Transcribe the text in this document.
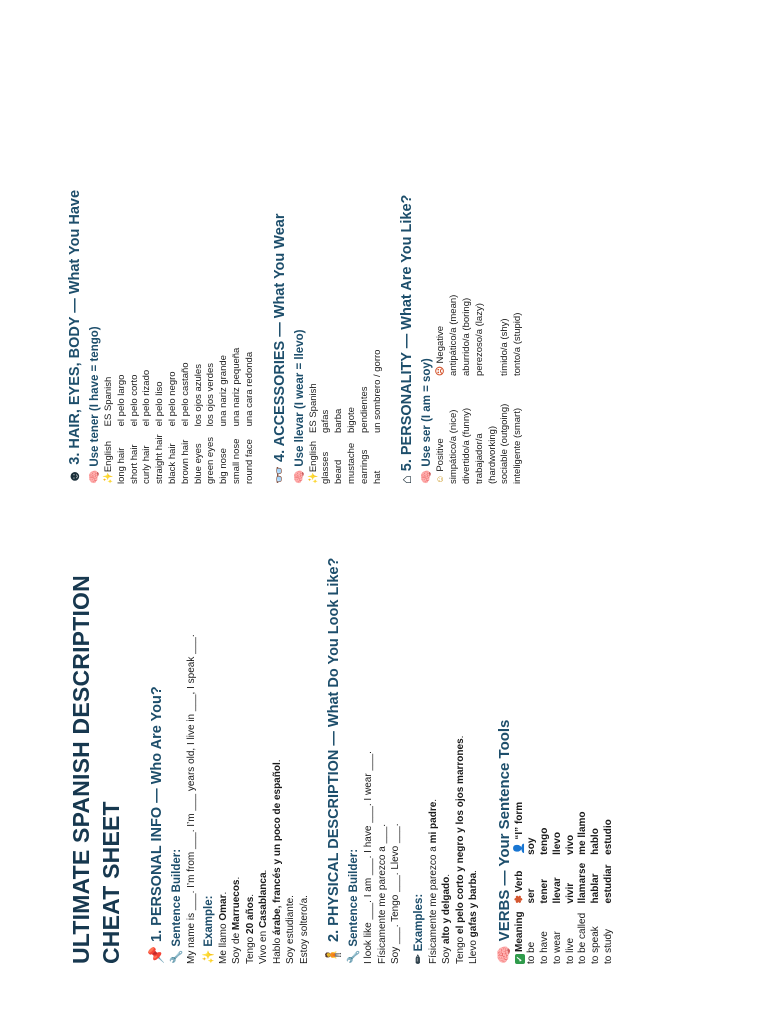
ULTIMATE SPANISH DESCRIPTION CHEAT SHEET 📌1. PERSONAL INFO — Who Are You?

🔧Sentence Builder: My name is ___. I’m from ___. I’m ___ years old, I live in ___, I speak ___. ✨Example: Me llamo Omar.

Soy de Marruecos.

Tengo 20 años.

Vivo en Casablanca.

Hablo árabe, francés y un poco de español.

Soy estudiante. Estoy soltero/a. 🧍2. PHYSICAL DESCRIPTION — What Do You Look Like?

🔧Sentence Builder: I look like ___. I am ___. I have ___. I wear ___. Físicamente me parezco a ___. Soy ___. Tengo ___. Llevo ___. ✏Examples: Físicamente me parezco a mi padre.

Soy alto y delgado.

Tengo el pelo corto y negro y los ojos marrones.

Llevo gafas y barba.

🧠VERBS — Your Sentence Tools

✓Meaning	✽ Verb	👤 “I” form
to be	ser	soy
to have	tener	tengo
to wear	llevar	llevo
to live	vivir	vivo
to be called	llamarse	me llamo
to speak	hablar	hablo
to study	estudiar	estudio

☻3. HAIR, EYES, BODY — What You Have

🧠Use tener (I have = tengo)

✨English	ES Spanish
long hair	el pelo largo
short hair	el pelo corto
curly hair	el pelo rizado
straight hair	el pelo liso
black hair	el pelo negro
brown hair	el pelo castaño
blue eyes	los ojos azules
green eyes	los ojos verdes
big nose	una nariz grande
small nose	una nariz pequeña
round face	una cara redonda

👓4. ACCESSORIES — What You Wear

🧠Use llevar (I wear = llevo)

✨English	ES Spanish
glasses	gafas
beard	barba
mustache	bigote
earrings	pendientes
hat	un sombrero / gorro

⌂5. PERSONALITY — What Are You Like?

🧠Use ser (I am = soy)

☺ Positive	☹ Negative
simpático/a (nice)	antipático/a (mean)
divertido/a (funny)	aburrido/a (boring)
trabajador/a (hardworking)	perezoso/a (lazy)
sociable (outgoing)	tímido/a (shy)
inteligente (smart)	tonto/a (stupid)
